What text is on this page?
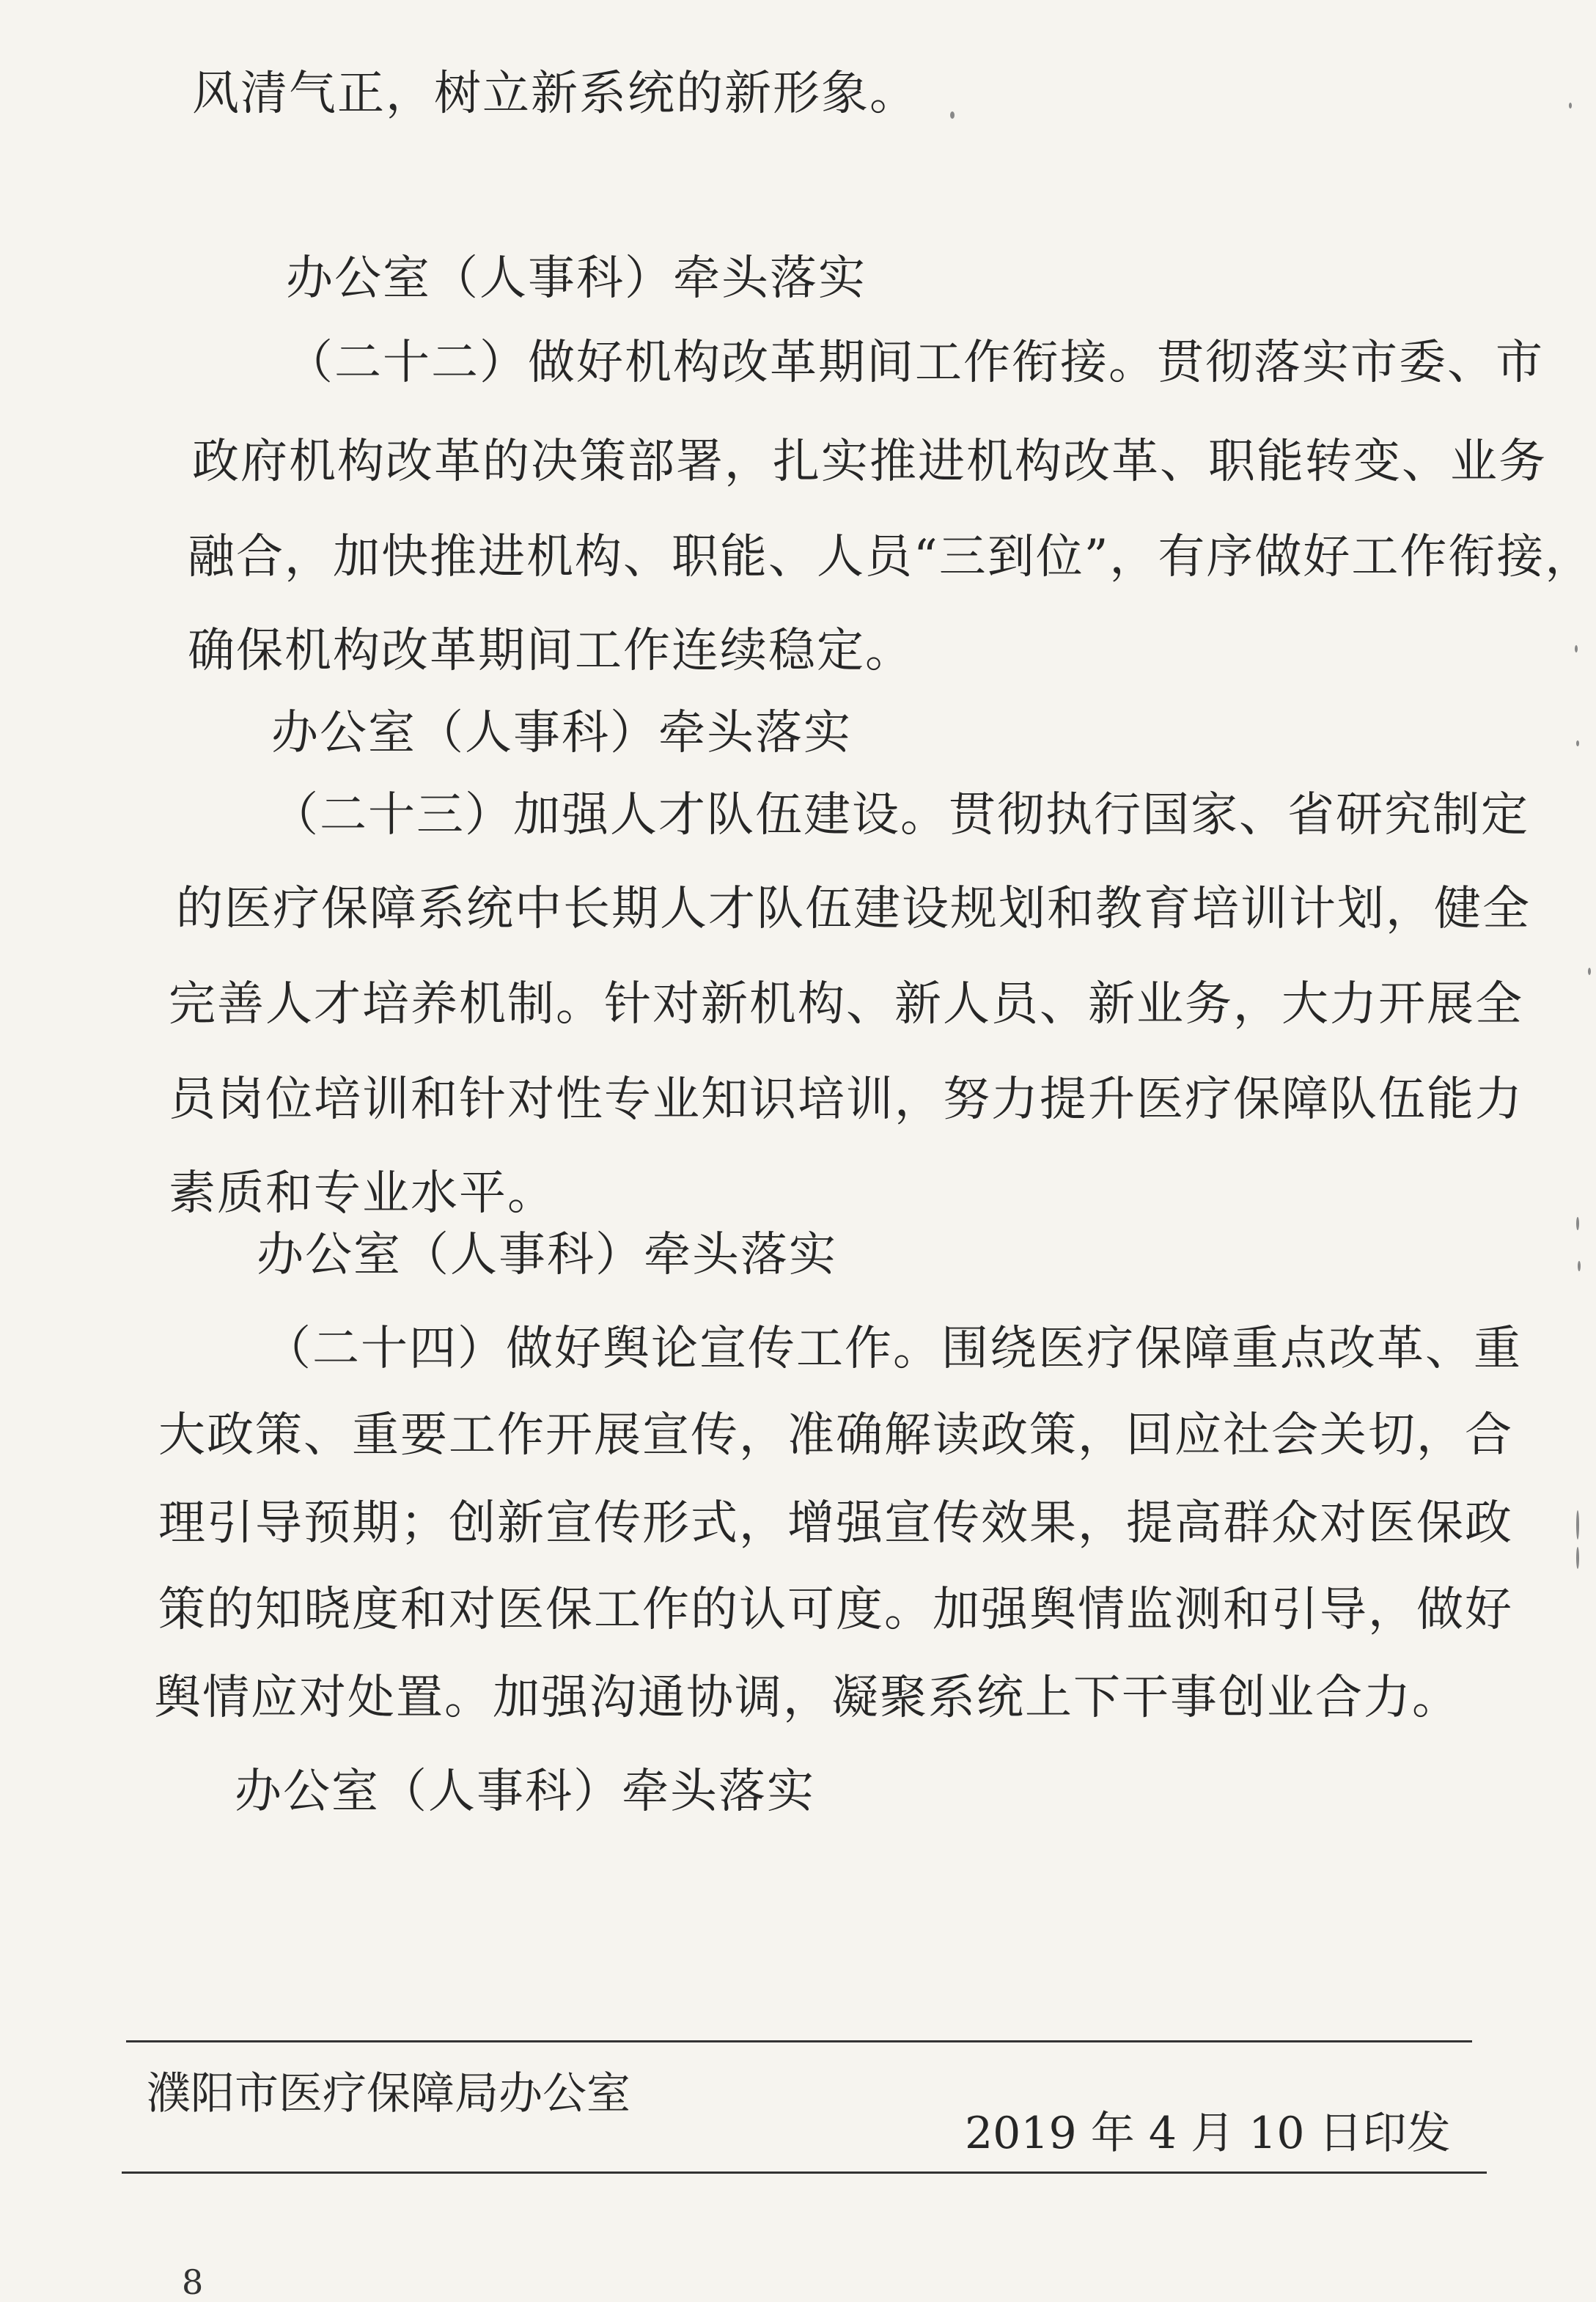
风清气正，树立新系统的新形象。
办公室（人事科）牵头落实
（二十二）做好机构改革期间工作衔接。贯彻落实市委、市
政府机构改革的决策部署，扎实推进机构改革、职能转变、业务
融合，加快推进机构、职能、人员“三到位”，有序做好工作衔接，
确保机构改革期间工作连续稳定。
办公室（人事科）牵头落实
（二十三）加强人才队伍建设。贯彻执行国家、省研究制定
的医疗保障系统中长期人才队伍建设规划和教育培训计划，健全
完善人才培养机制。针对新机构、新人员、新业务，大力开展全
员岗位培训和针对性专业知识培训，努力提升医疗保障队伍能力
素质和专业水平。
办公室（人事科）牵头落实
（二十四）做好舆论宣传工作。围绕医疗保障重点改革、重
大政策、重要工作开展宣传，准确解读政策，回应社会关切，合
理引导预期；创新宣传形式，增强宣传效果，提高群众对医保政
策的知晓度和对医保工作的认可度。加强舆情监测和引导，做好
舆情应对处置。加强沟通协调，凝聚系统上下干事创业合力。
办公室（人事科）牵头落实
濮阳市医疗保障局办公室
2019 年 4 月 10 日印发
8
